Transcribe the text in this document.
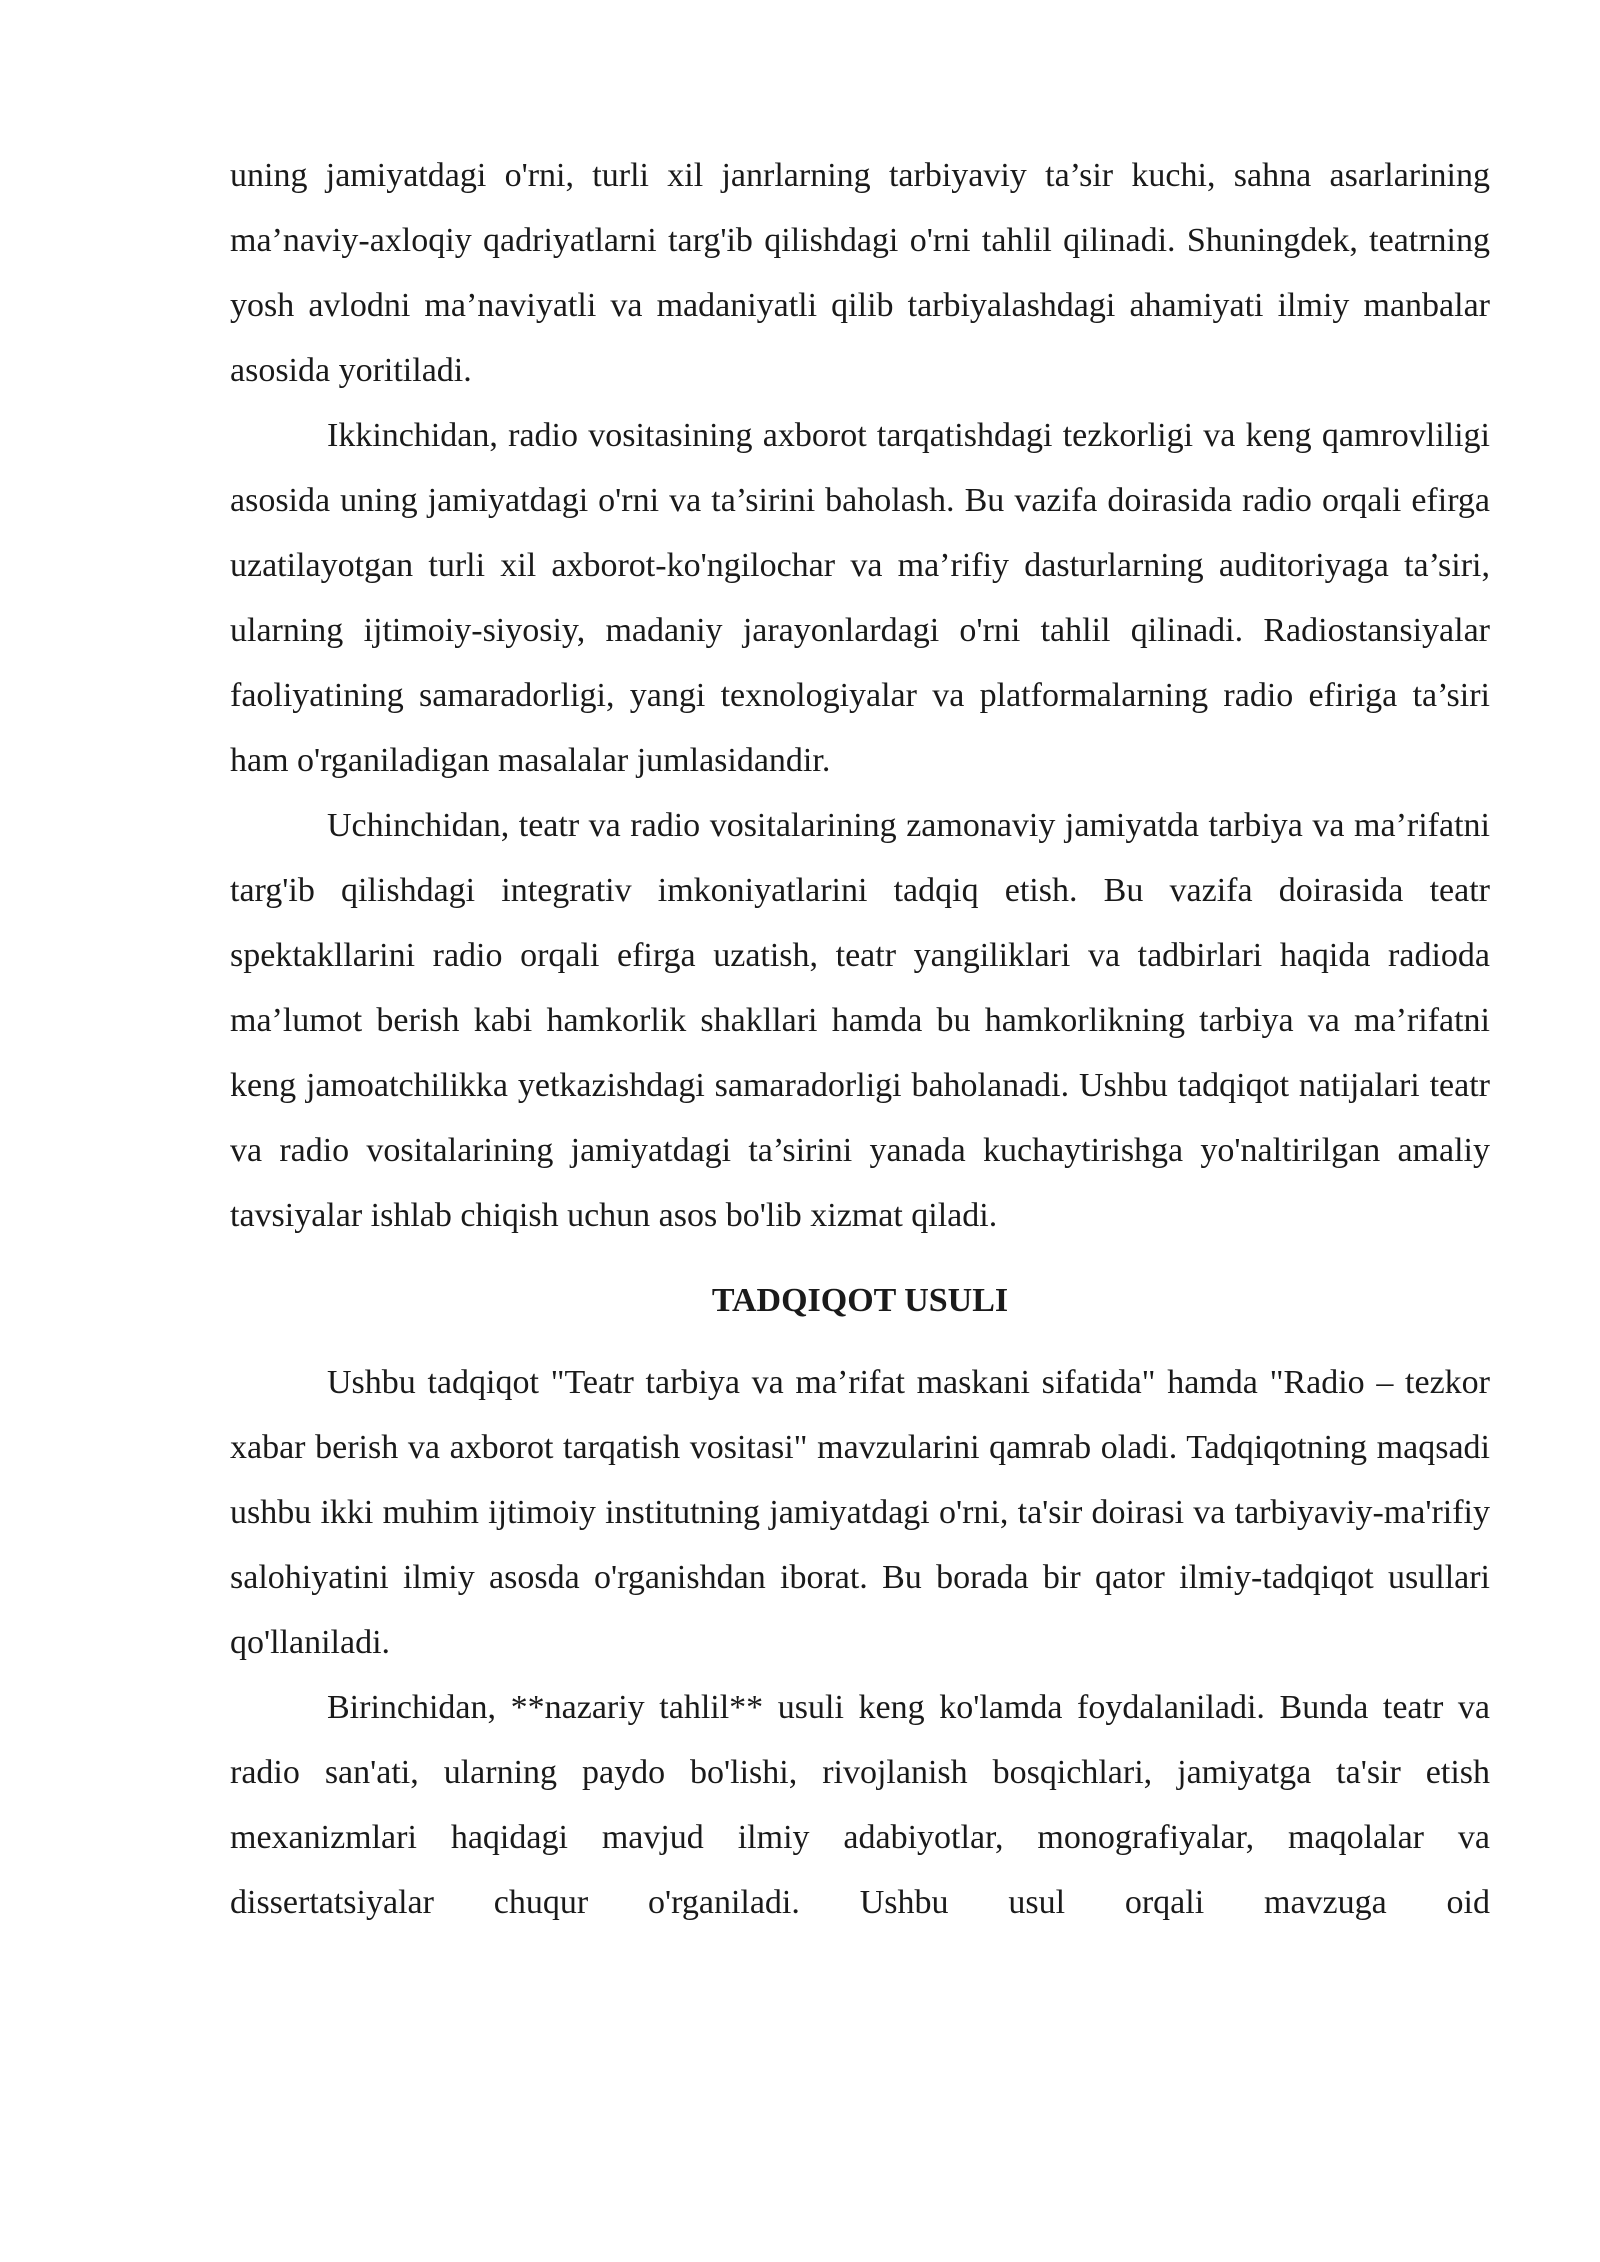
uning jamiyatdagi o'rni, turli xil janrlarning tarbiyaviy ta’sir kuchi, sahna asarlarining ma’naviy-axloqiy qadriyatlarni targ'ib qilishdagi o'rni tahlil qilinadi. Shuningdek, teatrning yosh avlodni ma’naviyatli va madaniyatli qilib tarbiyalashdagi ahamiyati ilmiy manbalar asosida yoritiladi.

Ikkinchidan, radio vositasining axborot tarqatishdagi tezkorligi va keng qamrovliligi asosida uning jamiyatdagi o'rni va ta’sirini baholash. Bu vazifa doirasida radio orqali efirga uzatilayotgan turli xil axborot-ko'ngilochar va ma’rifiy dasturlarning auditoriyaga ta’siri, ularning ijtimoiy-siyosiy, madaniy jarayonlardagi o'rni tahlil qilinadi. Radiostansiyalar faoliyatining samaradorligi, yangi texnologiyalar va platformalarning radio efiriga ta’siri ham o'rganiladigan masalalar jumlasidandir.

Uchinchidan, teatr va radio vositalarining zamonaviy jamiyatda tarbiya va ma’rifatni targ'ib qilishdagi integrativ imkoniyatlarini tadqiq etish. Bu vazifa doirasida teatr spektakllarini radio orqali efirga uzatish, teatr yangiliklari va tadbirlari haqida radioda ma’lumot berish kabi hamkorlik shakllari hamda bu hamkorlikning tarbiya va ma’rifatni keng jamoatchilikka yetkazishdagi samaradorligi baholanadi. Ushbu tadqiqot natijalari teatr va radio vositalarining jamiyatdagi ta’sirini yanada kuchaytirishga yo'naltirilgan amaliy tavsiyalar ishlab chiqish uchun asos bo'lib xizmat qiladi.

TADQIQOT USULI

Ushbu tadqiqot "Teatr tarbiya va ma’rifat maskani sifatida" hamda "Radio – tezkor xabar berish va axborot tarqatish vositasi" mavzularini qamrab oladi. Tadqiqotning maqsadi ushbu ikki muhim ijtimoiy institutning jamiyatdagi o'rni, ta'sir doirasi va tarbiyaviy-ma'rifiy salohiyatini ilmiy asosda o'rganishdan iborat. Bu borada bir qator ilmiy-tadqiqot usullari qo'llaniladi.

Birinchidan, **nazariy tahlil** usuli keng ko'lamda foydalaniladi. Bunda teatr va radio san'ati, ularning paydo bo'lishi, rivojlanish bosqichlari, jamiyatga ta'sir etish mexanizmlari haqidagi mavjud ilmiy adabiyotlar, monografiyalar, maqolalar va dissertatsiyalar chuqur o'rganiladi. Ushbu usul orqali mavzuga oid
